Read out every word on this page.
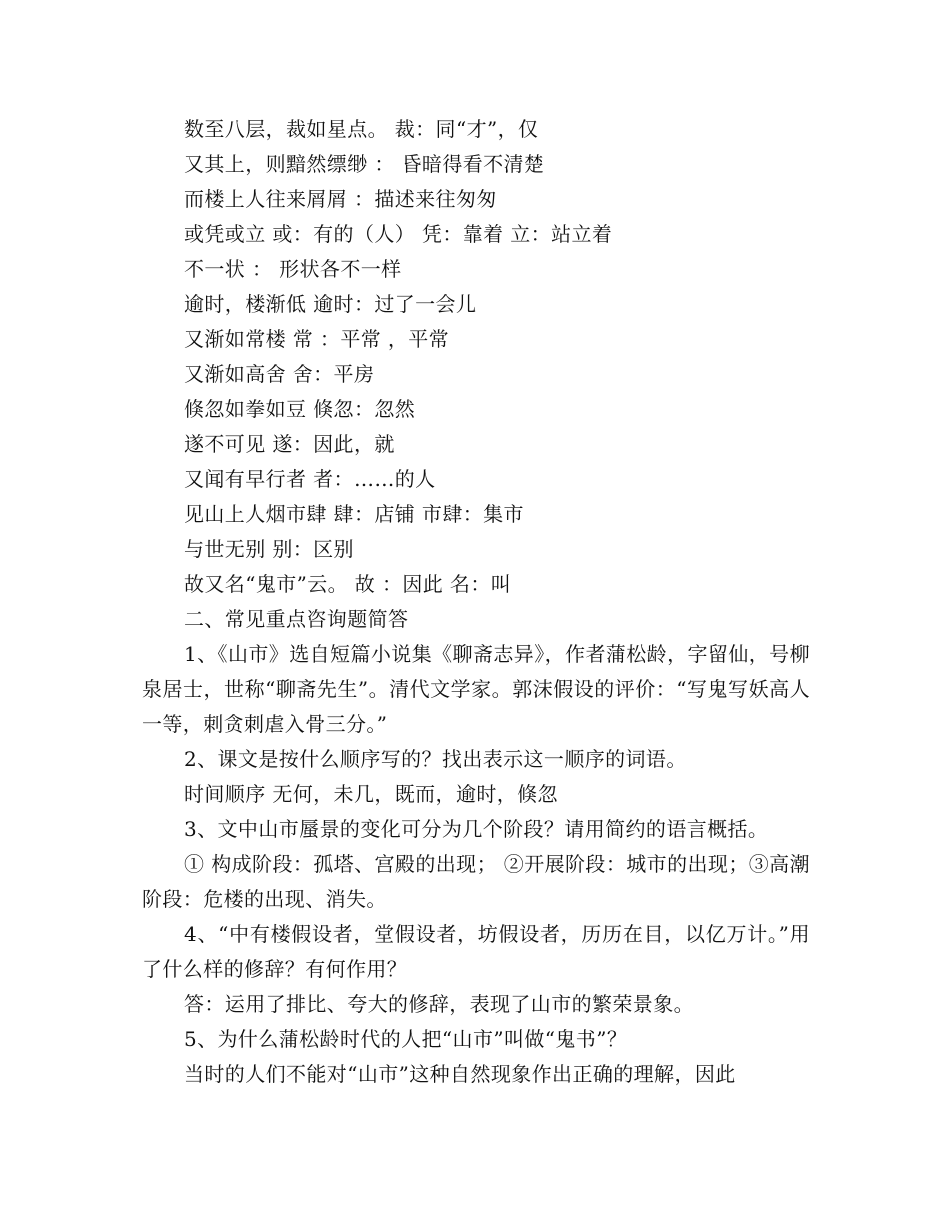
数至八层，裁如星点。 裁：同“才”，仅
又其上，则黯然缥缈 ： 昏暗得看不清楚
而楼上人往来屑屑 ：描述来往匆匆
或凭或立 或：有的（人） 凭：靠着 立：站立着
不一状 ： 形状各不一样
逾时，楼渐低 逾时：过了一会儿
又渐如常楼 常 ：平常 ，平常
又渐如高舍 舍：平房
倏忽如拳如豆 倏忽：忽然
遂不可见 遂：因此，就
又闻有早行者 者：……的人
见山上人烟市肆 肆：店铺 市肆：集市
与世无别 别：区别
故又名“鬼市”云。 故 ：因此 名：叫
二、常见重点咨询题简答
1、《山市》选自短篇小说集《聊斋志异》，作者蒲松龄，字留仙，号柳泉居士，世称“聊斋先生”。清代文学家。郭沫假设的评价：“写鬼写妖高人一等，刺贪刺虐入骨三分。”
2、课文是按什么顺序写的？找出表示这一顺序的词语。
时间顺序 无何，未几，既而，逾时，倏忽
3、文中山市蜃景的变化可分为几个阶段？请用简约的语言概括。
① 构成阶段：孤塔、宫殿的出现； ②开展阶段：城市的出现；③高潮阶段：危楼的出现、消失。
4、“中有楼假设者，堂假设者，坊假设者，历历在目，以亿万计。”用了什么样的修辞？有何作用？
答：运用了排比、夸大的修辞，表现了山市的繁荣景象。
5、为什么蒲松龄时代的人把“山市”叫做“鬼书”？
当时的人们不能对“山市”这种自然现象作出正确的理解，因此
